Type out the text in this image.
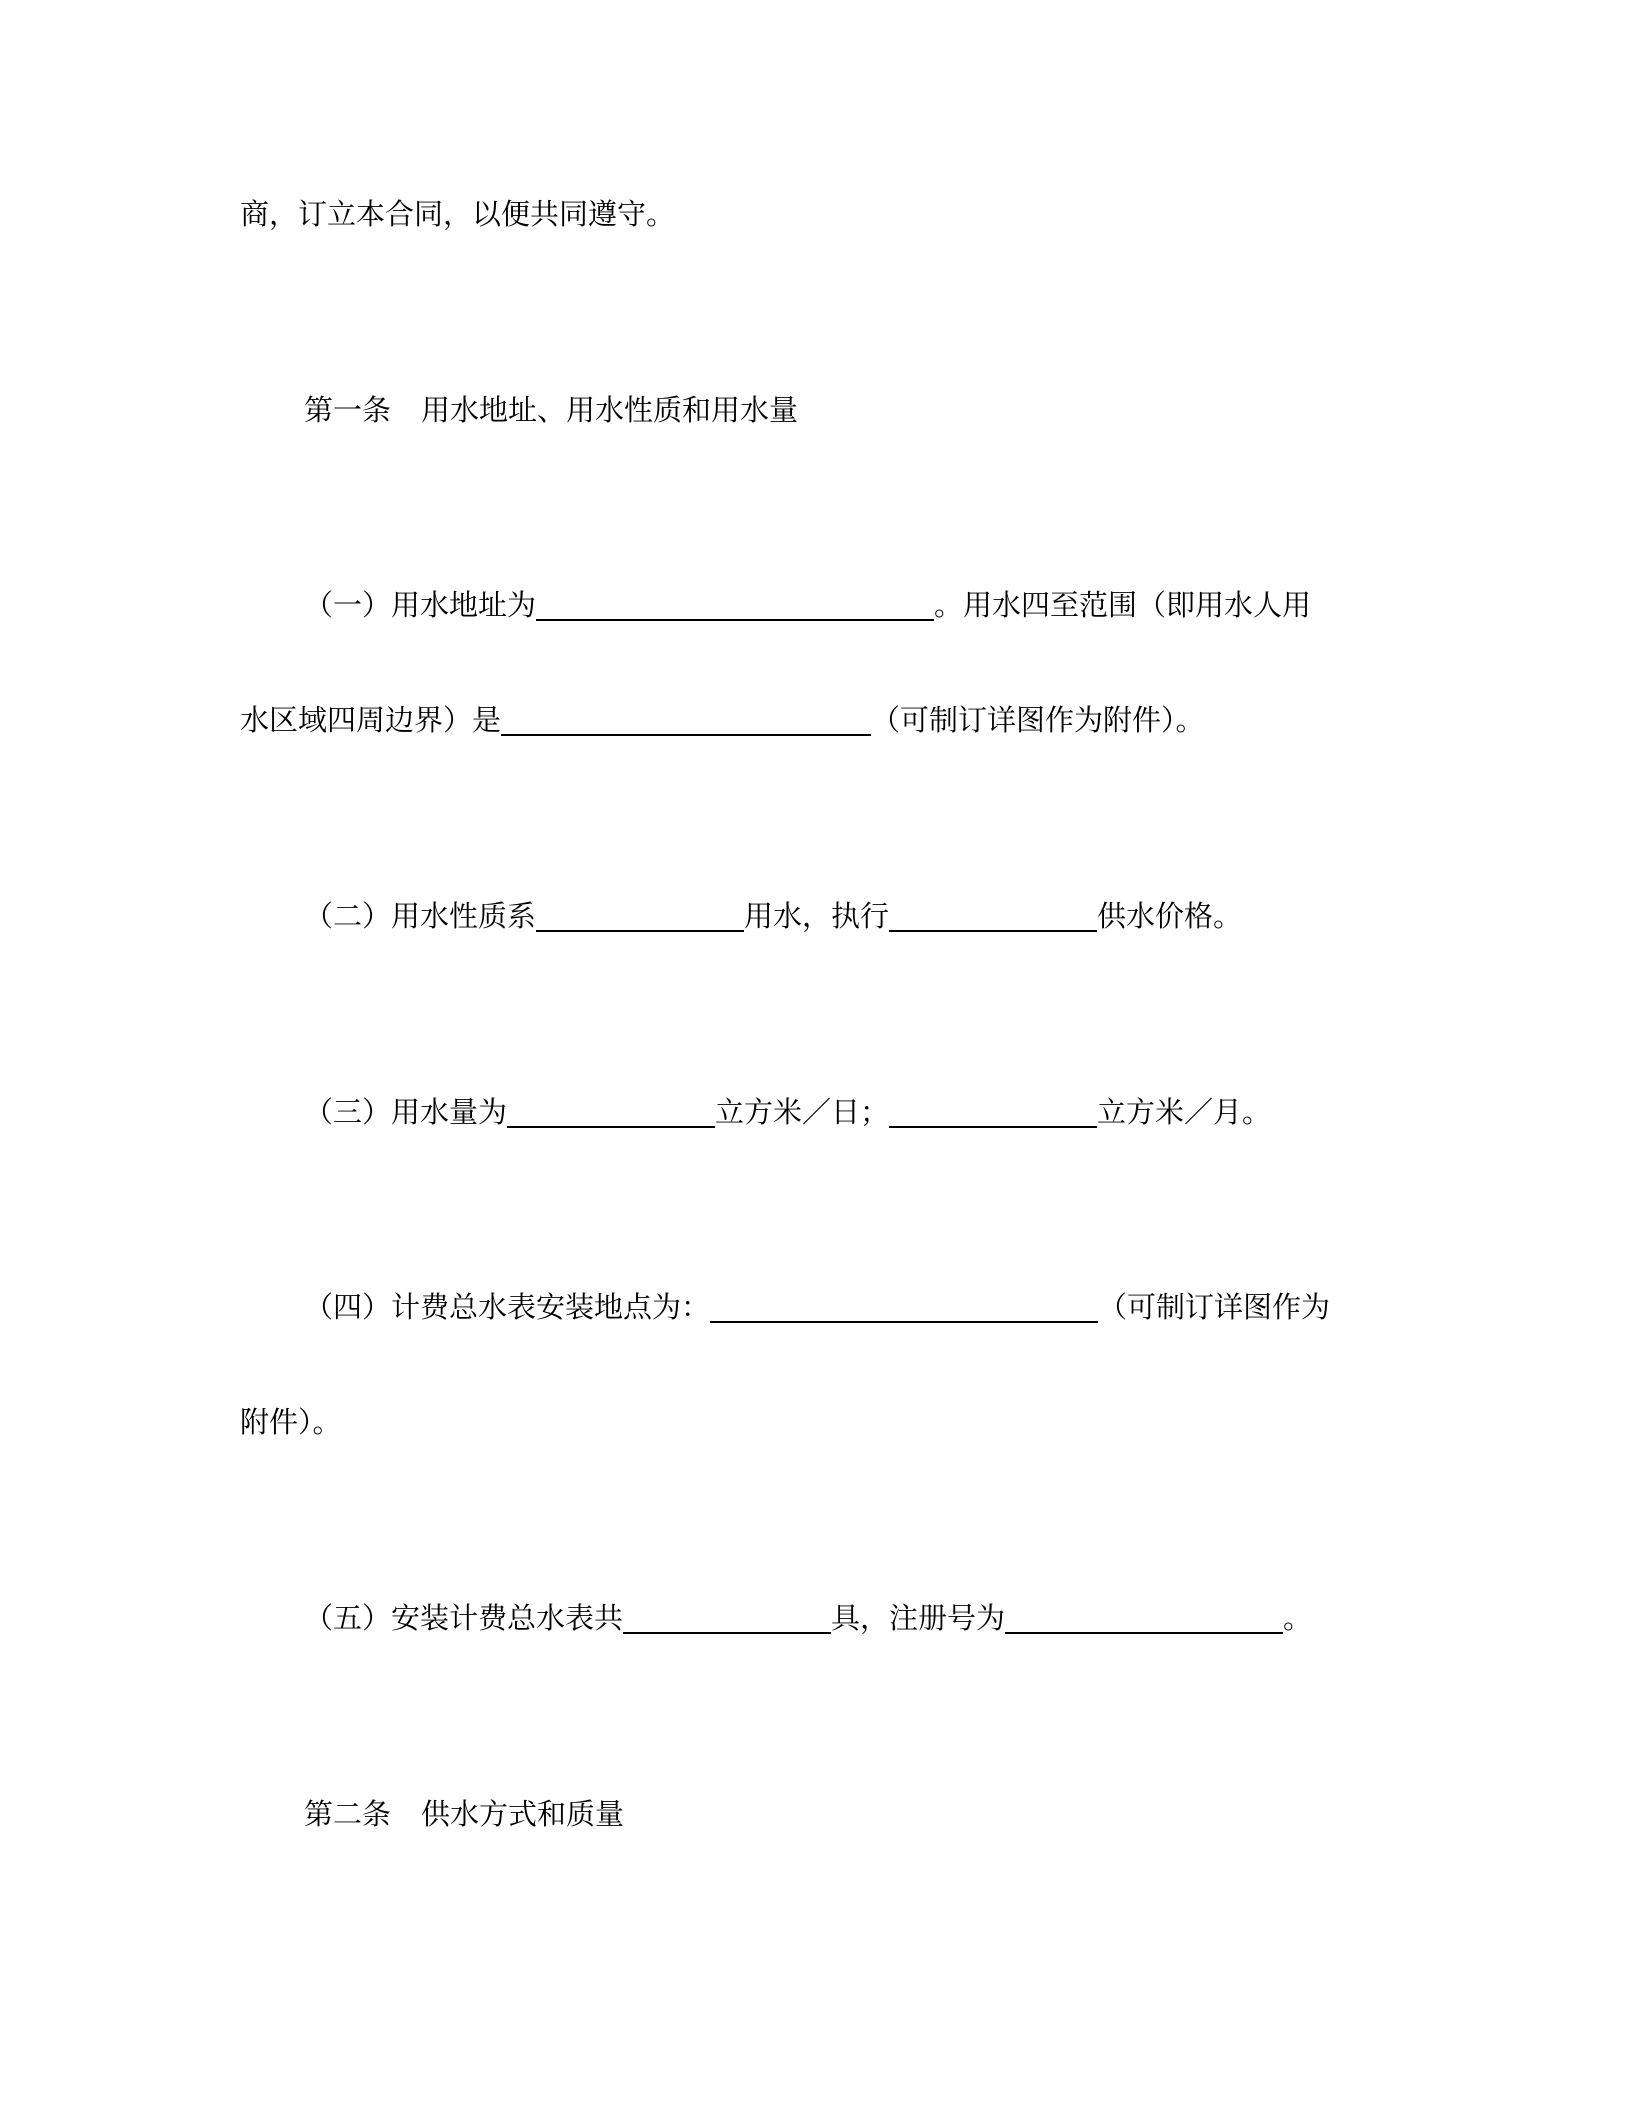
商，订立本合同，以便共同遵守。
第一条 用水地址、用水性质和用水量
（一）用水地址为	。用水四至范围（即用水人用
水区域四周边界）是	（可制订详图作为附件）。
（二）用水性质系	用水，执行	供水价格。
（三）用水量为	立方米／日；	立方米／月。
（四）计费总水表安装地点为：	（可制订详图作为
附件）。
（五）安装计费总水表共	具，注册号为	。
第二条 供水方式和质量
